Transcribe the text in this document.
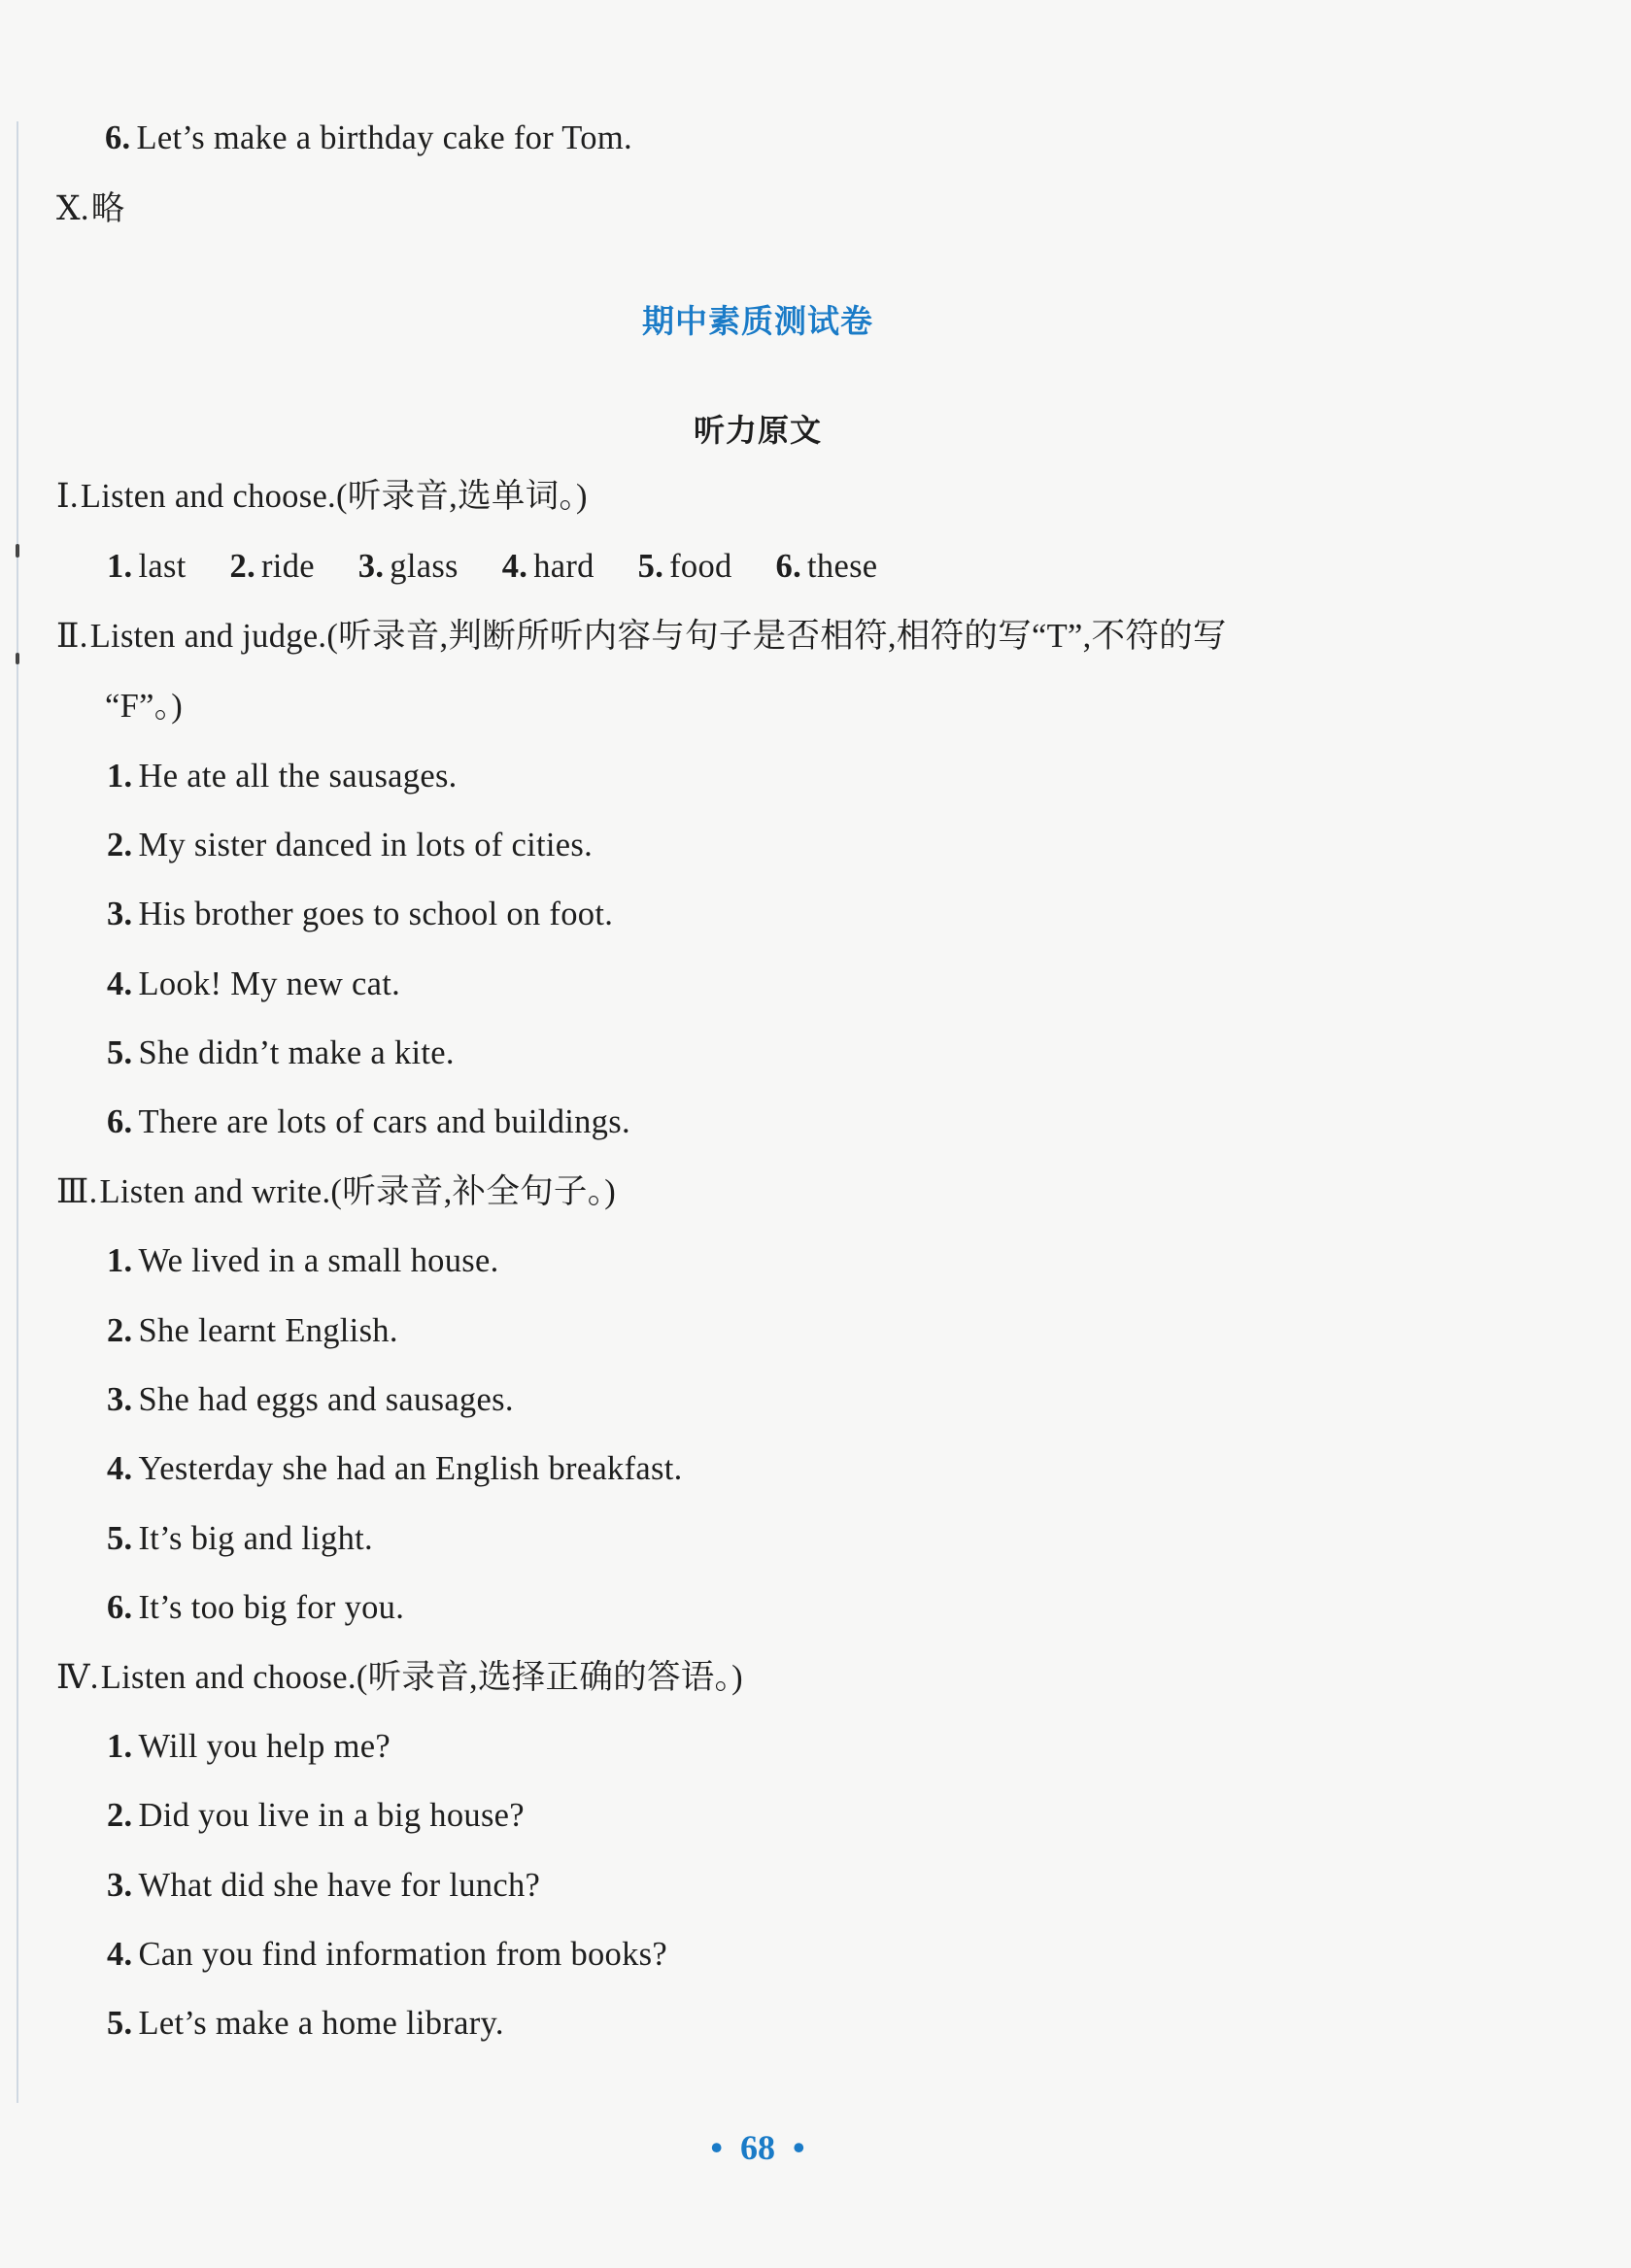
6. Let’s make a birthday cake for Tom.
Ⅹ.略
期中素质测试卷
听力原文
Ⅰ.Listen and choose.(听录音,选单词。)
1. last 2. ride 3. glass 4. hard 5. food 6. these
Ⅱ.Listen and judge.(听录音,判断所听内容与句子是否相符,相符的写“T”,不符的写
“F”。)
1. He ate all the sausages.
2. My sister danced in lots of cities.
3. His brother goes to school on foot.
4. Look! My new cat.
5. She didn’t make a kite.
6. There are lots of cars and buildings.
Ⅲ.Listen and write.(听录音,补全句子。)
1. We lived in a small house.
2. She learnt English.
3. She had eggs and sausages.
4. Yesterday she had an English breakfast.
5. It’s big and light.
6. It’s too big for you.
Ⅳ.Listen and choose.(听录音,选择正确的答语。)
1. Will you help me?
2. Did you live in a big house?
3. What did she have for lunch?
4. Can you find information from books?
5. Let’s make a home library.
• 68 •
